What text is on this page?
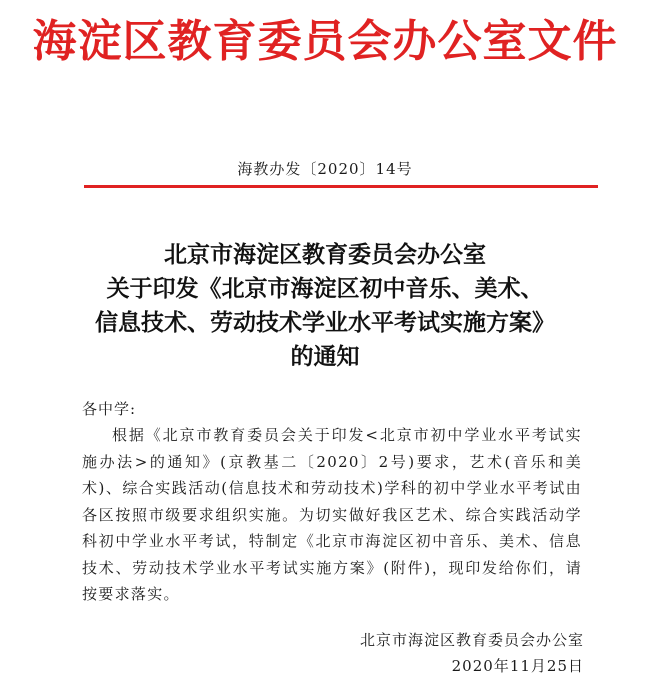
海淀区教育委员会办公室文件
海教办发〔2020〕14号
北京市海淀区教育委员会办公室
关于印发《北京市海淀区初中音乐、美术、
信息技术、劳动技术学业水平考试实施方案》
的通知
各中学:
根据《北京市教育委员会关于印发<北京市初中学业水平考试实施办法>的通知》(京教基二〔2020〕2号)要求，艺术(音乐和美术)、综合实践活动(信息技术和劳动技术)学科的初中学业水平考试由各区按照市级要求组织实施。为切实做好我区艺术、综合实践活动学科初中学业水平考试，特制定《北京市海淀区初中音乐、美术、信息技术、劳动技术学业水平考试实施方案》(附件)，现印发给你们，请按要求落实。
北京市海淀区教育委员会办公室
2020年11月25日
